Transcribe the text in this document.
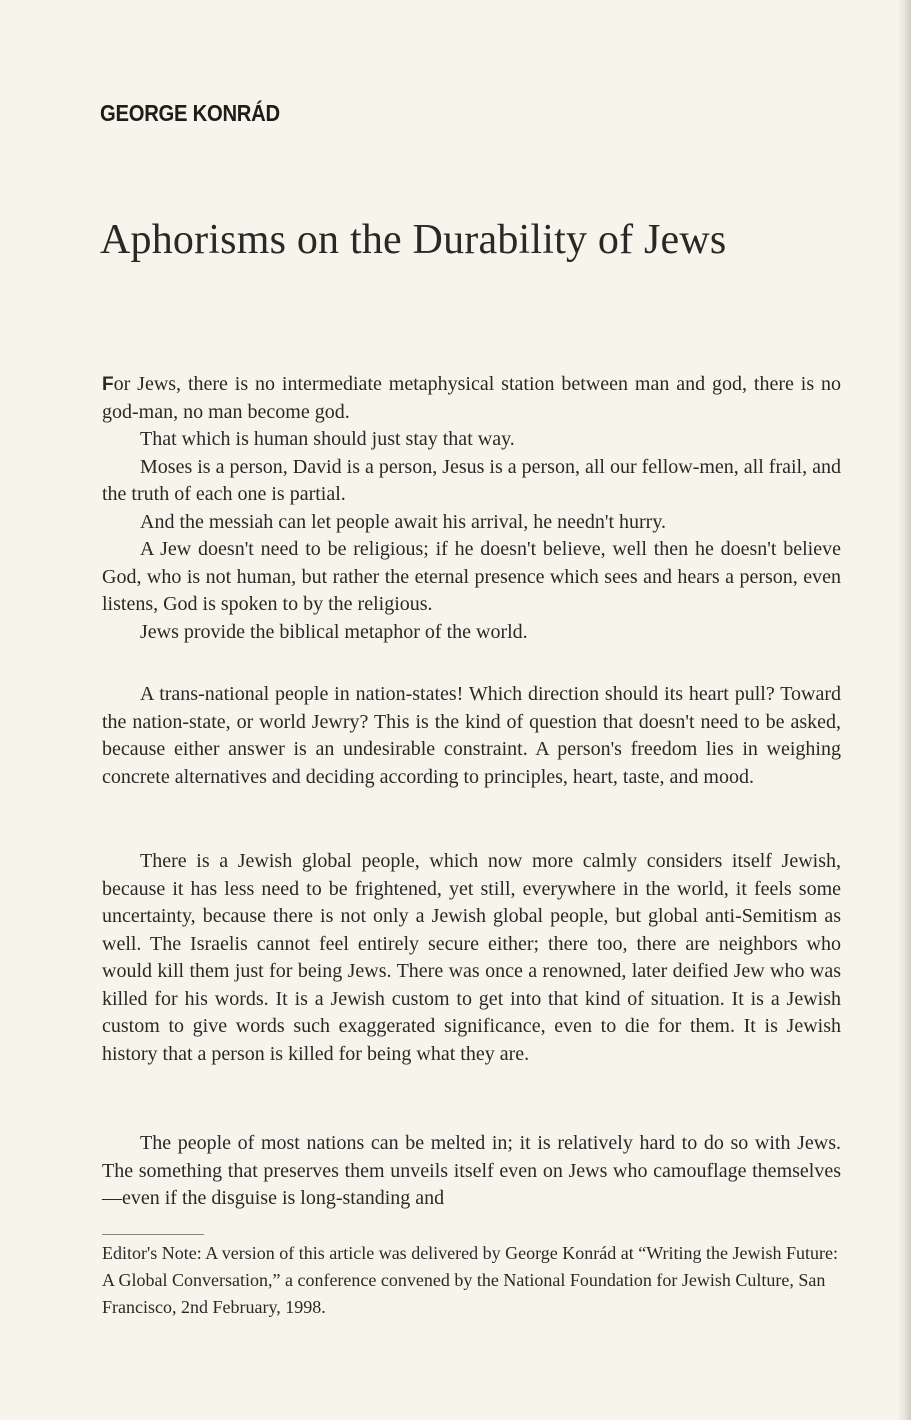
GEORGE KONRÁD
Aphorisms on the Durability of Jews

For Jews, there is no intermediate metaphysical station between man and god, there is no god-man, no man become god.

That which is human should just stay that way.

Moses is a person, David is a person, Jesus is a person, all our fellow-men, all frail, and the truth of each one is partial.

And the messiah can let people await his arrival, he needn't hurry.

A Jew doesn't need to be religious; if he doesn't believe, well then he doesn't believe God, who is not human, but rather the eternal presence which sees and hears a person, even listens, God is spoken to by the religious.

Jews provide the biblical metaphor of the world.

A trans-national people in nation-states! Which direction should its heart pull? Toward the nation-state, or world Jewry? This is the kind of question that doesn't need to be asked, because either answer is an undesirable constraint. A person's freedom lies in weighing concrete alternatives and deciding according to principles, heart, taste, and mood.

There is a Jewish global people, which now more calmly considers itself Jewish, because it has less need to be frightened, yet still, everywhere in the world, it feels some uncertainty, because there is not only a Jewish global people, but global anti-Semitism as well. The Israelis cannot feel entirely secure either; there too, there are neighbors who would kill them just for being Jews. There was once a renowned, later deified Jew who was killed for his words. It is a Jewish custom to get into that kind of situation. It is a Jewish custom to give words such exaggerated significance, even to die for them. It is Jewish history that a person is killed for being what they are.

The people of most nations can be melted in; it is relatively hard to do so with Jews. The something that preserves them unveils itself even on Jews who camouflage themselves—even if the disguise is long-standing and

Editor's Note: A version of this article was delivered by George Konrád at “Writing the Jewish Future: A Global Conversation,” a conference convened by the National Foundation for Jewish Culture, San Francisco, 2nd February, 1998.
